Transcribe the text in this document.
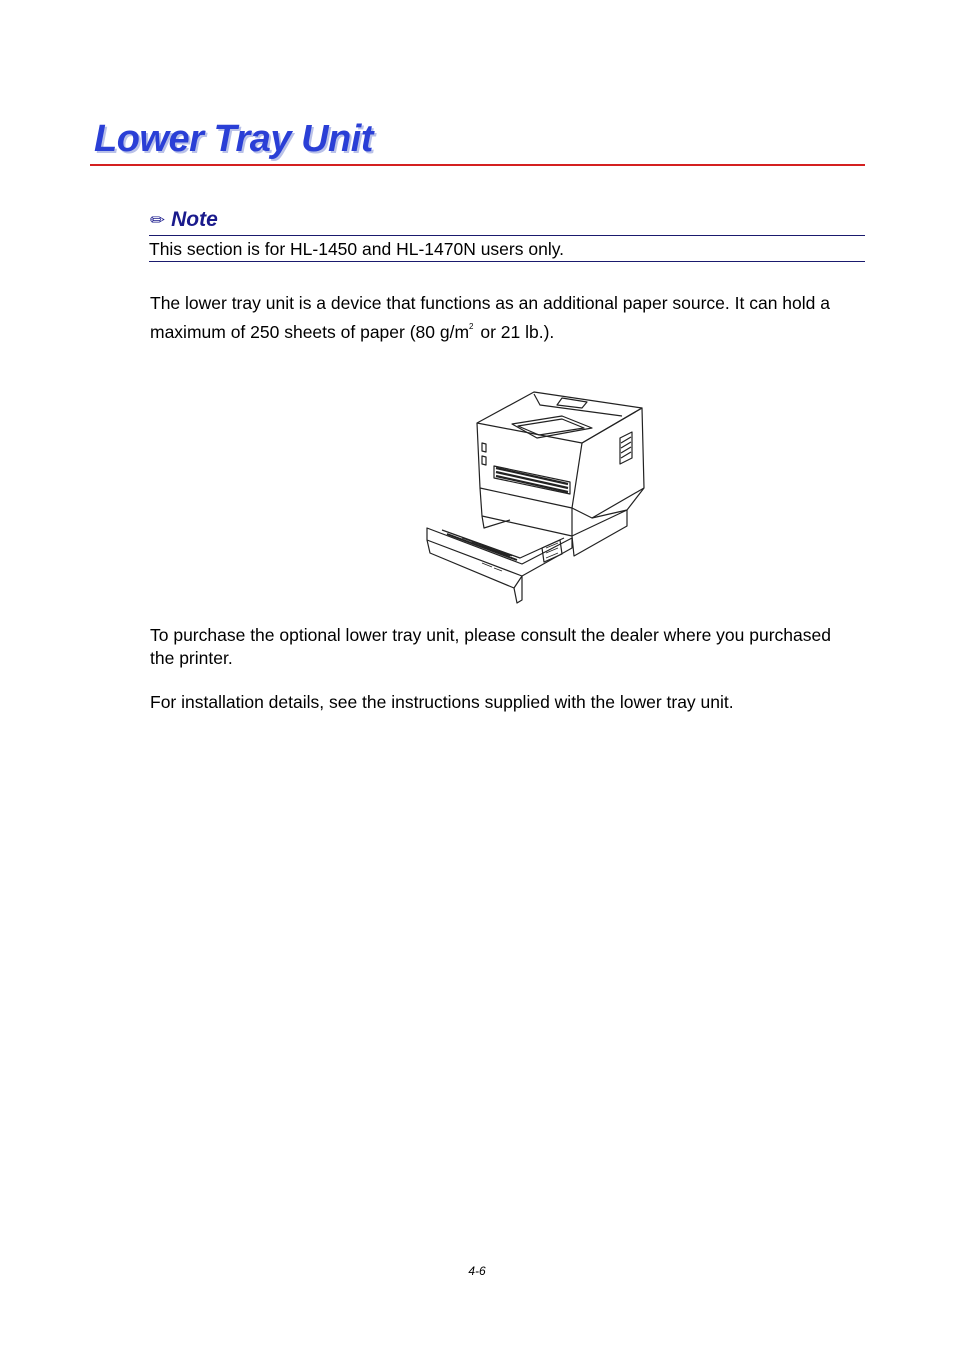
Lower Tray Unit
✏ Note
This section is for HL-1450 and HL-1470N users only.

The lower tray unit is a device that functions as an additional paper source. It can hold a maximum of 250 sheets of paper (80 $g/m^2$ or 21 lb.).

To purchase the optional lower tray unit, please consult the dealer where you purchased the printer.

For installation details, see the instructions supplied with the lower tray unit.

4-6
